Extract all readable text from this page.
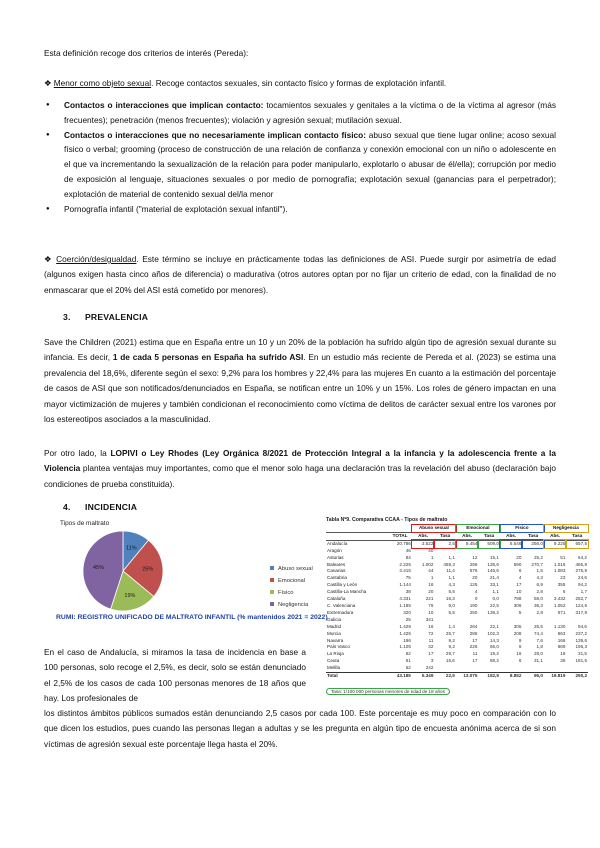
Esta definición recoge dos criterios de interés (Pereda):

❖ Menor como objeto sexual. Recoge contactos sexuales, sin contacto físico y formas de explotación infantil.

● Contactos o interacciones que implican contacto: tocamientos sexuales y genitales a la víctima o de la víctima al agresor (más frecuentes); penetración (menos frecuentes); violación y agresión sexual; mutilación sexual.
● Contactos o interacciones que no necesariamente implican contacto físico: abuso sexual que tiene lugar online; acoso sexual físico o verbal; grooming (proceso de construcción de una relación de confianza y conexión emocional con un niño o adolescente en el que va incrementando la sexualización de la relación para poder manipularlo, explotarlo o abusar de él/ella); corrupción por medio de exposición al lenguaje, situaciones sexuales o por medio de pornografía; explotación sexual (ganancias para el perpetrador); explotación de material de contenido sexual del/la menor
● Pornografía infantil ("material de explotación sexual infantil").

❖ Coerción/desigualdad. Este término se incluye en prácticamente todas las definiciones de ASI. Puede surgir por asimetría de edad (algunos exigen hasta cinco años de diferencia) o madurativa (otros autores optan por no fijar un criterio de edad, con la finalidad de no enmascarar que el 20% del ASI está cometido por menores).

3. PREVALENCIA

Save the Children (2021) estima que en España entre un 10 y un 20% de la población ha sufrido algún tipo de agresión sexual durante su infancia. Es decir, 1 de cada 5 personas en España ha sufrido ASI. En un estudio más reciente de Pereda et al. (2023) se estima una prevalencia del 18,6%, diferente según el sexo: 9,2% para los hombres y 22,4% para las mujeres En cuanto a la estimación del porcentaje de casos de ASI que son notificados/denunciados en España, se notifican entre un 10% y un 15%. Los roles de género impactan en una mayor victimización de mujeres y también condicionan el reconocimiento como víctima de delitos de carácter sexual entre los varones por los estereotipos asociados a la masculinidad.

Por otro lado, la LOPIVI o Ley Rhodes (Ley Orgánica 8/2021 de Protección Integral a la infancia y la adolescencia frente a la Violencia plantea ventajas muy importantes, como que el menor solo haga una declaración tras la revelación del abuso (declaración bajo condiciones de prueba constituida).

4. INCIDENCIA
Tipos de maltrato
11%
25%
19%
45%	Abuso sexual
Emocional
Físico
Negligencia
RUMI: REGISTRO UNIFICADO DE MALTRATO INFANTIL (% mantenidos 2021 = 2022)
Tabla Nº9. Comparativa CCAA - Tipos de maltrato
		Abuso sexual		Emocional		Físico		Negligencia	
	TOTAL	Abs.	Tasa	Abs.	Tasa	Abs.	Tasa	Abs.	Tasa
Andalucía	20.786	3.522	2,5	8.454	509,0	5.546	256,0	9.225	657,5
Aragón	46	40							
Asturias	84	1	1,1	12	15,1	20	25,2	51	64,2
Baleares	2.225	1.002	459,3	296	135,6	590	270,7	1.016	465,8
Canarias	3.415	44	11,4	576	146,6	6	1,5	1.083	275,9
Cantabria	75	1	1,1	20	21,4	4	4,3	23	24,6
Castilla y León	1.144	16	4,3	125	33,1	17	6,9	355	94,2
Castilla-La Mancha	38	20	5,5	4	1,1	10	2,8	6	1,7
Cataluña	4.331	221	16,3	0	0,0	788	58,0	3.432	252,7
C. Valenciana	1.185	76	9,0	190	22,5	306	36,3	1.052	124,6
Extremadura	320	10	5,5	250	139,2	5	2,8	571	317,9
Galicia	25	341							
Madrid	1.429	16	1,4	264	22,1	305	25,5	1.130	94,6
Murcia	1.425	72	25,7	286	102,3	208	74,4	663	237,2
Navarra	196	11	9,2	17	14,3	9	7,6	166	139,6
País Vasco	1.105	32	9,2	226	66,0	6	1,8	669	195,3
La Rioja	62	17	29,7	11	19,2	16	28,0	18	31,5
Ceuta	61	3	15,6	17	88,2	6	31,1	35	181,5
Melilla	52	242							
Total	43.185	5.349	22,5	13.075	152,9	8.852	95,0	19.819	250,2
Tasa: 1/100.000 personas menores de edad de 18 años

En el caso de Andalucía, si miramos la tasa de incidencia en base a 100 personas, solo recoge el 2,5%, es decir, solo se están denunciado el 2,5% de los casos de cada 100 personas menores de 18 años que hay. Los profesionales de

los distintos ámbitos públicos sumados están denunciando 2,5 casos por cada 100. Este porcentaje es muy poco en comparación con lo que dicen los estudios, pues cuando las personas llegan a adultas y se les pregunta en algún tipo de encuesta anónima acerca de si son víctimas de agresión sexual este porcentaje llega hasta el 20%.
